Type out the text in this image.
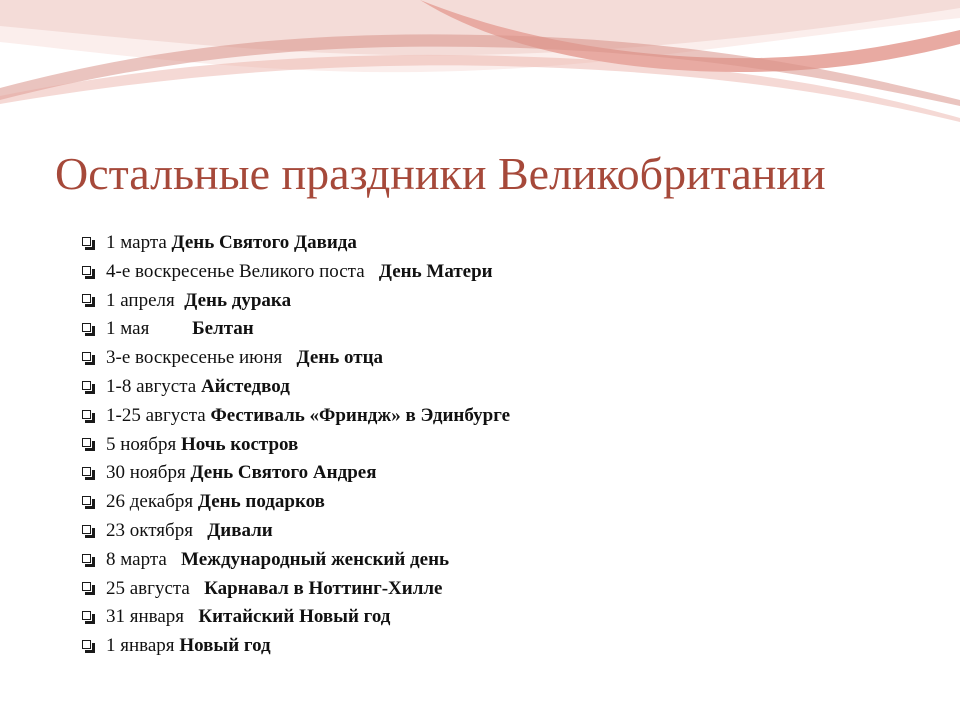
Остальные праздники Великобритании
1 марта
День Святого Давида
4-е воскресенье Великого поста
День Матери
1 апреля
День дурака
1 мая
Белтан
3-е воскресенье июня
День отца
1-8 августа
Айстедвод
1-25 августа
Фестиваль «Фриндж» в Эдинбурге
5 ноября
Ночь костров
30 ноября
День Святого Андрея
26 декабря
День подарков
23 октября
Дивали
8 марта
Международный женский день
25 августа
Карнавал в Ноттинг-Хилле
31 января
Китайский Новый год
1 января
Новый год
